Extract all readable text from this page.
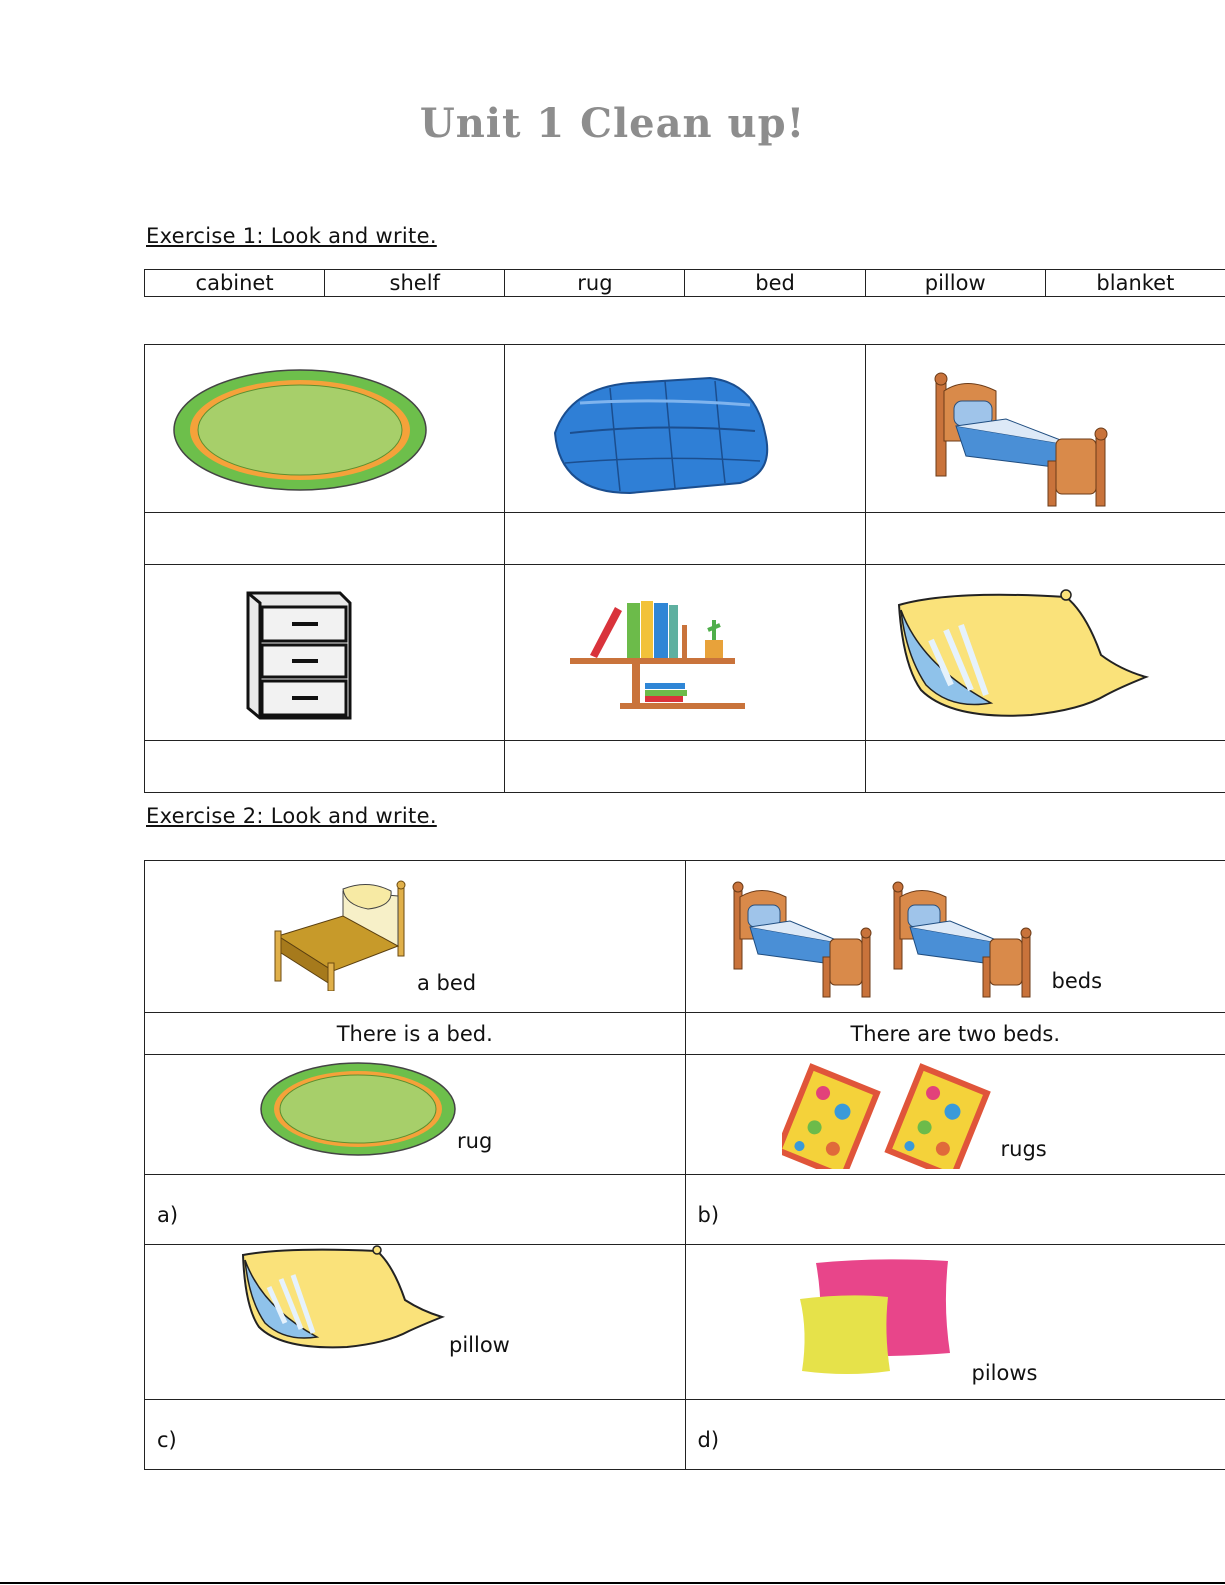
Unit 1 Clean up!
Exercise 1: Look and write.
cabinet	shelf	rug	bed	pillow	blanket

Exercise 2: Look and write.
a bed	beds

There is a bed.	There are two beds.

rug	rugs

a)	b)

pillow	pilows

c)	d)
